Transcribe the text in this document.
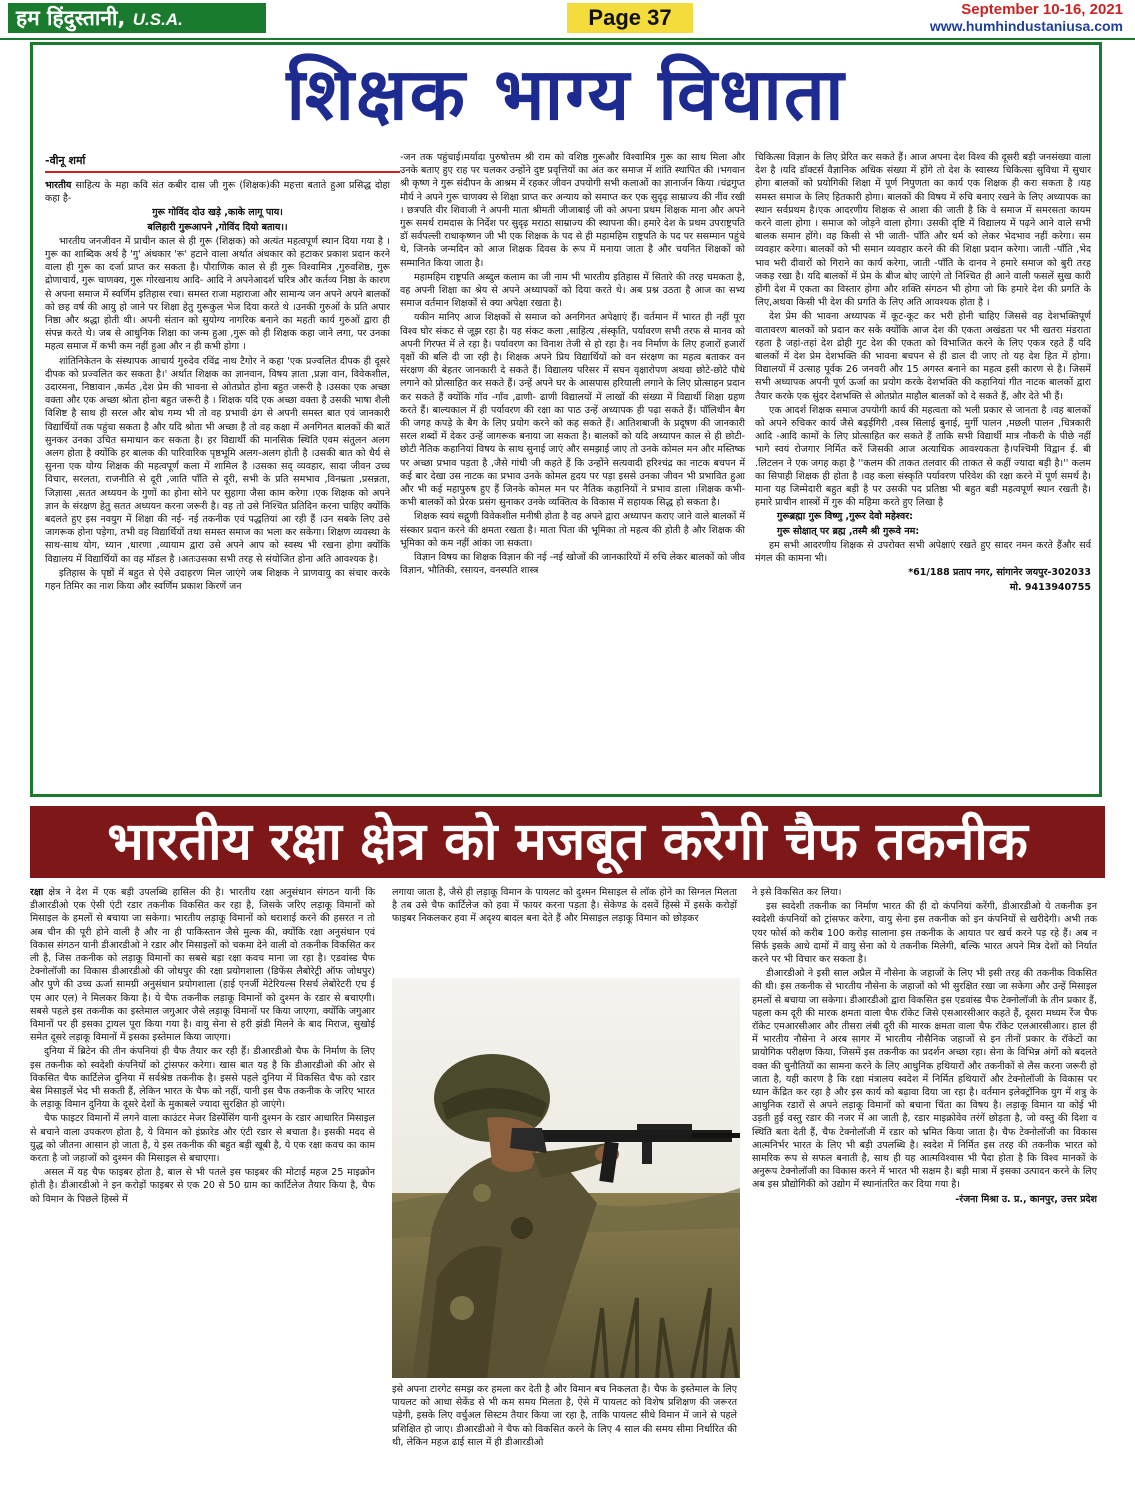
हम हिंदुस्तानी, U.S.A.	Page 37	September 10-16, 2021
www.humhindustaniusa.com
शिक्षक भाग्य विधाता
-वीनू शर्मा

भारतीय साहित्य के महा कवि संत कबीर दास जी गुरू (शिक्षक)की महत्ता बताते हुआ प्रसिद्ध दोहा कहा है-

गुरू गोविंद दोउ खड़े ,काके लागू पाय।

बलिहारी गुरूआपने ,गोविंद दियो बताय।।

भारतीय जनजीवन में प्राचीन काल से ही गुरू (शिक्षक) को अत्यंत महत्वपूर्ण स्थान दिया गया है ।गुरू का शाब्दिक अर्थ है 'गु' अंधकार 'रू' हटाने वाला अर्थात अंधकार को हटाकर प्रकाश प्रदान करने वाला ही गुरू का दर्जा प्राप्त कर सकता है। पौराणिक काल से ही गुरू विश्वामित्र ,गुरुवशिष्ठ, गुरू द्रोणाचार्य, गुरू चाणक्य, गुरू गोरखनाथ आदि- आदि ने अपनेआदर्श चरित्र और कर्तव्य निष्ठा के कारण से अपना समाज में स्वर्णिम इतिहास रचा। समस्त राजा महाराजा और सामान्य जन अपने अपने बालकों को छह वर्ष की आयु हो जाने पर शिक्षा हेतु गुरूकुल भेज दिया करते थे ।उनकी गुरुओं के प्रति अपार निष्ठा और श्रद्धा होती थी। अपनी संतान को सुयोग्य नागरिक बनाने का महती कार्य गुरुओं द्वारा ही संपन्न करते थे। जब से आधुनिक शिक्षा का जन्म हुआ ,गुरू को ही शिक्षक कहा जाने लगा, पर उनका महत्व समाज में कभी कम नहीं हुआ और न ही कभी होगा ।

शांतिनिकेतन के संस्थापक आचार्य गुरुदेव रविंद्र नाथ टैगोर ने कहा 'एक प्रज्वलित दीपक ही दूसरे दीपक को प्रज्वलित कर सकता है।' अर्थात शिक्षक का ज्ञानवान, विषय ज्ञाता ,प्रज्ञा वान, विवेकशील, उदारमना, निष्ठावान ,कर्मठ ,देश प्रेम की भावना से ओतप्रोत होना बहुत जरूरी है ।उसका एक अच्छा वक्ता और एक अच्छा श्रोता होना बहुत जरूरी है । शिक्षक यदि एक अच्छा वक्ता है उसकी भाषा शैली विशिष्ट है साथ ही सरल और बोध गम्य भी तो वह प्रभावी ढंग से अपनी समस्त बात एवं जानकारी विद्यार्थियों तक पहुंचा सकता है और यदि श्रोता भी अच्छा है तो वह कक्षा में अनगिनत बालकों की बातें सुनकर उनका उचित समाधान कर सकता है। हर विद्यार्थी की मानसिक स्थिति एवम संतुलन अलग अलग होता है क्योंकि हर बालक की पारिवारिक पृष्ठभूमि अलग-अलग होती है ।उसकी बात को धैर्य से सुनना एक योग्य शिक्षक की महत्वपूर्ण कला में शामिल है ।उसका सद् व्यवहार, सादा जीवन उच्च विचार, सरलता, राजनीति से दूरी ,जाति पाँति से दूरी, सभी के प्रति समभाव ,विनम्रता ,प्रसन्नता, जिज्ञासा ,सतत अध्ययन के गुणों का होना सोने पर सुहागा जैसा काम करेगा ।एक शिक्षक को अपने ज्ञान के संरक्षण हेतु सतत अध्ययन करना जरूरी है। वह तो उसे निश्चित प्रतिदिन करना चाहिए क्योंकि बदलते हुए इस नवयुग में शिक्षा की नई- नई तकनीक एवं पद्धतियां आ रही हैं ।उन सबके लिए उसे जागरूक होना पड़ेगा, तभी वह विद्यार्थियों तथा समस्त समाज का भला कर सकेगा। शिक्षण व्यवस्था के साथ-साथ योग, ध्यान ,धारणा ,व्यायाम द्वारा उसे अपने आप को स्वस्थ भी रखना होगा क्योंकि विद्यालय में विद्यार्थियों का वह मॉडल है ।अतःउसका सभी तरह से संयोजित होना अति आवश्यक है।

इतिहास के पृष्ठों में बहुत से ऐसे उदाहरण मिल जाएंगे जब शिक्षक ने प्राणवायु का संचार करके गहन तिमिर का नाश किया और स्वर्णिम प्रकाश किरणें जन

-जन तक पहुंचाई।मर्यादा पुरुषोत्तम श्री राम को वशिष्ठ गुरूऔर विश्वामित्र गुरू का साथ मिला और उनके बताए हुए राह पर चलकर उन्होंने दुष्ट प्रवृत्तियों का अंत कर समाज में शांति स्थापित की ।भगवान श्री कृष्ण ने गुरू संदीपन के आश्रम में रहकर जीवन उपयोगी सभी कलाओं का ज्ञानार्जन किया ।चंद्रगुप्त मौर्य ने अपने गुरू चाणक्य से शिक्षा प्राप्त कर अन्याय को समाप्त कर एक सुदृढ़ साम्राज्य की नींव रखी । छत्रपति वीर शिवाजी ने अपनी माता श्रीमती जीजाबाई जी को अपना प्रथम शिक्षक माना और अपने गुरू समर्थ रामदास के निर्देश पर सुदृढ़ मराठा साम्राज्य की स्थापना की। हमारे देश के प्रथम उपराष्ट्रपति डॉ सर्वपल्ली राधाकृष्णन जी भी एक शिक्षक के पद से ही महामहिम राष्ट्रपति के पद पर ससम्मान पहुंचे थे, जिनके जन्मदिन को आज शिक्षक दिवस के रूप में मनाया जाता है और चयनित शिक्षकों को सम्मानित किया जाता है।

महामहिम राष्ट्रपति अब्दुल कलाम का जी नाम भी भारतीय इतिहास में सितारे की तरह चमकता है, वह अपनी शिक्षा का श्रेय से अपने अध्यापकों को दिया करते थे। अब प्रश्न उठता है आज का सभ्य समाज वर्तमान शिक्षकों से क्या अपेक्षा रखता है।

यकीन मानिए आज शिक्षकों से समाज को अनगिनत अपेक्षाएं हैं। वर्तमान में भारत ही नहीं पूरा विश्व घोर संकट से जूझ रहा है। यह संकट कला ,साहित्य ,संस्कृति, पर्यावरण सभी तरफ से मानव को अपनी गिरफ्त में ले रहा है। पर्यावरण का विनाश तेजी से हो रहा है। नव निर्माण के लिए हजारों हजारों वृक्षों की बलि दी जा रही है। शिक्षक अपने प्रिय विद्यार्थियों को वन संरक्षण का महत्व बताकर वन संरक्षण की बेहतर जानकारी दे सकते हैं। विद्यालय परिसर में सघन वृक्षारोपण अथवा छोटे-छोटे पौधे लगाने को प्रोत्साहित कर सकते हैं। उन्हें अपने घर के आसपास हरियाली लगाने के लिए प्रोत्साहन प्रदान कर सकते हैं क्योंकि गाँव -गाँव ,ढाणी- ढाणी विद्यालयों में लाखों की संख्या में विद्यार्थी शिक्षा ग्रहण करते हैं। बाल्यकाल में ही पर्यावरण की रक्षा का पाठ उन्हें अध्यापक ही पढ़ा सकते हैं। पॉलिथीन बैग की जगह कपड़े के बैग के लिए प्रयोग करने को कह सकते हैं। आतिशबाजी के प्रदूषण की जानकारी सरल शब्दों में देकर उन्हें जागरूक बनाया जा सकता है। बालकों को यदि अध्यापन काल से ही छोटी-छोटी नैतिक कहानियां विषय के साथ सुनाई जाएं और समझाई जाए तो उनके कोमल मन और मस्तिष्क पर अच्छा प्रभाव पड़ता है ,जैसे गांधी जी कहते हैं कि उन्होंने सत्यवादी हरिश्चंद्र का नाटक बचपन में कई बार देखा उस नाटक का प्रभाव उनके कोमल हृदय पर पड़ा इससे उनका जीवन भी प्रभावित हुआ और भी कई महापुरुष हुए हैं जिनके कोमल मन पर नैतिक कहानियों ने प्रभाव डाला ।शिक्षक कभी-कभी बालकों को प्रेरक प्रसंग सुनाकर उनके व्यक्तित्व के विकास में सहायक सिद्ध हो सकता है।

शिक्षक स्वयं सद्गुणी विवेकशील मनीषी होता है वह अपने द्वारा अध्यापन कराए जाने वाले बालकों में संस्कार प्रदान करने की क्षमता रखता है। माता पिता की भूमिका तो महत्व की होती है और शिक्षक की भूमिका को कम नहीं आंका जा सकता।

विज्ञान विषय का शिक्षक विज्ञान की नई -नई खोजों की जानकारियों में रुचि लेकर बालकों को जीव विज्ञान, भौतिकी, रसायन, वनस्पति शास्त्र

चिकित्सा विज्ञान के लिए प्रेरित कर सकते हैं। आज अपना देश विश्व की दूसरी बड़ी जनसंख्या वाला देश है ।यदि डॉक्टर्स वैज्ञानिक अधिक संख्या में होंगे तो देश के स्वास्थ्य चिकित्सा सुविधा में सुधार होगा बालकों को प्रयोगिकी शिक्षा में पूर्ण निपुणता का कार्य एक शिक्षक ही करा सकता है ।यह समस्त समाज के लिए हितकारी होगा। बालकों की विषय में रुचि बनाए रखने के लिए अध्यापक का स्थान सर्वप्रथम है।एक आदरणीय शिक्षक से आशा की जाती है कि वे समाज में समरसता कायम करने वाला होगा । समाज को जोड़ने वाला होगा। उसकी दृष्टि में विद्यालय में पढ़ने आने वाले सभी बालक समान होंगे। वह किसी से भी जाती- पाँति और धर्म को लेकर भेदभाव नहीं करेगा। सम व्यवहार करेगा। बालकों को भी समान व्यवहार करने की की शिक्षा प्रदान करेगा। जाती -पाँति ,भेद भाव भरी दीवारों को गिराने का कार्य करेगा, जाती -पाँति के दानव ने हमारे समाज को बुरी तरह जकड़ रखा है। यदि बालकों में प्रेम के बीज बोए जाएंगे तो निश्चित ही आने वाली फसलें सुख कारी होंगी देश में एकता का विस्तार होगा और शक्ति संगठन भी होगा जो कि हमारे देश की प्रगति के लिए,अथवा किसी भी देश की प्रगति के लिए अति आवश्यक होता है ।

देश प्रेम की भावना अध्यापक में कूट-कूट कर भरी होनी चाहिए जिससे वह देशभक्तिपूर्ण वातावरण बालकों को प्रदान कर सके क्योंकि आज देश की एकता अखंडता पर भी खतरा मंडराता रहता है जहां-तहां देश द्रोही गुट देश की एकता को विभाजित करने के लिए एकत्र रहते हैं यदि बालकों में देश प्रेम देशभक्ति की भावना बचपन से ही डाल दी जाए तो यह देश हित में होगा। विद्यालयों में उत्साह पूर्वक 26 जनवरी और 15 अगस्त बनाने का महत्व इसी कारण से है। जिसमें सभी अध्यापक अपनी पूर्ण ऊर्जा का प्रयोग करके देशभक्ति की कहानियां गीत नाटक बालकों द्वारा तैयार करके एक सुंदर देशभक्ति से ओतप्रोत माहौल बालकों को दे सकते हैं, और देते भी हैं।

एक आदर्श शिक्षक समाज उपयोगी कार्य की महत्वता को भली प्रकार से जानता है ।वह बालकों को अपने रुचिकर कार्य जैसे बढ़ईगिरी ,वस्त्र सिलाई बुनाई, मुर्गी पालन ,मछली पालन ,चित्रकारी आदि -आदि कामों के लिए प्रोत्साहित कर सकते हैं ताकि सभी विद्यार्थी मात्र नौकरी के पीछे नहीं भागे स्वयं रोजगार निर्मित करें जिसकी आज अत्याधिक आवश्यकता है।पश्चिमी विद्वान ई. बी .लिटलन ने एक जगह कहा है ''कलम की ताकत तलवार की ताकत से कहीं ज्यादा बड़ी है।'' कलम का सिपाही शिक्षक ही होता है ।वह कला संस्कृति पर्यावरण परिवेश की रक्षा करने में पूर्ण समर्थ है। माना यह जिम्मेदारी बहुत बड़ी है पर उसकी पद प्रतिष्ठा भी बहुत बडी महत्वपूर्ण स्थान रखती है। हमारे प्राचीन शास्त्रों में गुरु की महिमा करते हुए लिखा है

गुरूब्रह्मा गुरू विष्णु ,गुरूर देवो महेश्वर:

गुरू सोक्षात् पर ब्रह्म ,तस्मै श्री गुरूवे नम:

हम सभी आदरणीय शिक्षक से उपरोक्त सभी अपेक्षाएं रखते हुए सादर नमन करते हैंऔर सर्व मंगल की कामना भी।

*61/188 प्रताप नगर, सांगानेर जयपुर-302033

मो. 9413940755

भारतीय रक्षा क्षेत्र को मजबूत करेगी चैफ तकनीक

रक्षा क्षेत्र ने देश में एक बड़ी उपलब्धि हासिल की है। भारतीय रक्षा अनुसंधान संगठन यानी कि डीआरडीओ एक ऐसी एंटी रडार तकनीक विकसित कर रहा है, जिसके जरिए लड़ाकू विमानों को मिसाइल के हमलों से बचाया जा सकेगा। भारतीय लड़ाकू विमानों को धराशाई करने की हसरत न तो अब चीन की पूरी होने वाली है और ना ही पाकिस्तान जैसे मुल्क की, क्योंकि रक्षा अनुसंधान एवं विकास संगठन यानी डीआरडीओ ने रडार और मिसाइलों को चकमा देने वाली वो तकनीक विकसित कर ली है, जिस तकनीक को लड़ाकू विमानों का सबसे बड़ा रक्षा कवच माना जा रहा है। एडवांस्ड चैफ टेक्नोलॉजी का विकास डीआरडीओ की जोधपुर की रक्षा प्रयोगशाला (डिफेंस लैबोरेट्री ऑफ जोधपुर) और पुणे की उच्च ऊर्जा सामग्री अनुसंधान प्रयोगशाला (हाई एनर्जी मेटेरियल्स रिसर्च लेबोरेटरी एच ई एम आर एल) ने मिलकर किया है। ये चैफ तकनीक लड़ाकू विमानों को दुश्मन के रडार से बचाएगी। सबसे पहले इस तकनीक का इस्तेमाल जगुआर जैसे लड़ाकू विमानों पर किया जाएगा, क्योंकि जगुआर विमानों पर ही इसका ट्रायल पूरा किया गया है। वायु सेना से हरी झंडी मिलने के बाद मिराज, सुखोई समेत दूसरे लड़ाकू विमानों में इसका इस्तेमाल किया जाएगा।

दुनिया में ब्रिटेन की तीन कंपनियां ही चैफ तैयार कर रही हैं। डीआरडीओ चैफ के निर्माण के लिए इस तकनीक को स्वदेशी कंपनियों को ट्रांसफर करेगा। खास बात यह है कि डीआरडीओ की ओर से विकसित चैफ कार्टिलेज दुनिया में सर्वश्रेष्ठ तकनीक है। इससे पहले दुनिया में विकसित चैफ को रडार बेस मिसाइलें भेद भी सकती हैं, लेकिन भारत के चैफ को नहीं, यानी इस चैफ तकनीक के जरिए भारत के लड़ाकू विमान दुनिया के दूसरे देशों के मुकाबले ज्यादा सुरक्षित हो जाएंगे।

चैफ फाइटर विमानों में लगने वाला काउंटर मेजर डिस्पेंसिंग यानी दुश्मन के रडार आधारित मिसाइल से बचाने वाला उपकरण होता है, ये विमान को इंफ्रारेड और एंटी रडार से बचाता है। इसकी मदद से युद्ध को जीतना आसान हो जाता है, ये इस तकनीक की बहुत बड़ी खूबी है, ये एक रक्षा कवच का काम करता है जो जहाजों को दुश्मन की मिसाइल से बचाएगा।

असल में यह चैफ फाइबर होता है, बाल से भी पतले इस फाइबर की मोटाई महज 25 माइक्रोन होती है। डीआरडीओ ने इन करोड़ों फाइबर से एक 20 से 50 ग्राम का कार्टिलेज तैयार किया है, चैफ को विमान के पिछले हिस्से में

लगाया जाता है, जैसे ही लड़ाकू विमान के पायलट को दुश्मन मिसाइल से लॉक होने का सिग्नल मिलता है तब उसे चैफ कार्टिलेज को हवा में फायर करना पड़ता है। सेकेण्ड के दसवें हिस्से में इसके करोड़ों फाइबर निकलकर हवा में अदृश्य बादल बना देते हैं और मिसाइल लड़ाकू विमान को छोड़कर

इसे अपना टारगेट समझ कर हमला कर देती है और विमान बच निकलता है। चैफ के इस्तेमाल के लिए पायलट को आधा सेकेंड से भी कम समय मिलता है, ऐसे में पायलट को विशेष प्रशिक्षण की जरूरत पड़ेगी, इसके लिए वर्चुअल सिस्टम तैयार किया जा रहा है, ताकि पायलट सीधे विमान में जाने से पहले प्रशिक्षित हो जाए। डीआरडीओ ने चैफ को विकसित करने के लिए 4 साल की समय सीमा निर्धारित की थी, लेकिन महज ढाई साल में ही डीआरडीओ

ने इसे विकसित कर लिया।

इस स्वदेशी तकनीक का निर्माण भारत की ही दो कंपनियां करेंगी, डीआरडीओ ये तकनीक इन स्वदेशी कंपनियों को ट्रांसफर करेगा, वायु सेना इस तकनीक को इन कंपनियों से खरीदेगी। अभी तक एयर फोर्स को करीब 100 करोड़ सालाना इस तकनीक के आयात पर खर्च करने पड़ रहे हैं। अब न सिर्फ इसके आधे दामों में वायु सेना को ये तकनीक मिलेगी, बल्कि भारत अपने मित्र देशों को निर्यात करने पर भी विचार कर सकता है।

डीआरडीओ ने इसी साल अप्रैल में नौसेना के जहाजों के लिए भी इसी तरह की तकनीक विकसित की थी। इस तकनीक से भारतीय नौसेना के जहाजों को भी सुरक्षित रखा जा सकेगा और उन्हें मिसाइल हमलों से बचाया जा सकेगा। डीआरडीओ द्वारा विकसित इस एडवांस्ड चैफ टेक्नोलॉजी के तीन प्रकार हैं, पहला कम दूरी की मारक क्षमता वाला चैफ रॉकेट जिसे एसआरसीआर कहते हैं, दूसरा मध्यम रेंज चैफ रॉकेट एमआरसीआर और तीसरा लंबी दूरी की मारक क्षमता वाला चैफ रॉकेट एलआरसीआर। हाल ही में भारतीय नौसेना ने अरब सागर में भारतीय नौसैनिक जहाजों से इन तीनों प्रकार के रॉकेटों का प्रायोगिक परीक्षण किया, जिसमें इस तकनीक का प्रदर्शन अच्छा रहा। सेना के विभिन्न अंगों को बदलते वक्त की चुनौतियों का सामना करने के लिए आधुनिक हथियारों और तकनीकों से लैस करना जरूरी हो जाता है, यही कारण है कि रक्षा मंत्रालय स्वदेश में निर्मित हथियारों और टेक्नोलॉजी के विकास पर ध्यान केंद्रित कर रहा है और इस कार्य को बढ़ावा दिया जा रहा है। वर्तमान इलेक्ट्रॉनिक युग में शत्रु के आधुनिक रडारों से अपने लड़ाकू विमानों को बचाना चिंता का विषय है। लड़ाकू विमान या कोई भी उड़ती हुई वस्तु रडार की नजर में आ जाती है, रडार माइक्रोवेव तरंगें छोड़ता है, जो वस्तु की दिशा व स्थिति बता देती हैं, चैफ टेक्नोलॉजी में रडार को भ्रमित किया जाता है। चैफ टेक्नोलॉजी का विकास आत्मनिर्भर भारत के लिए भी बड़ी उपलब्धि है। स्वदेश में निर्मित इस तरह की तकनीक भारत को सामरिक रूप से सफल बनाती है, साथ ही यह आत्मविश्वास भी पैदा होता है कि विश्व मानकों के अनुरूप टेक्नोलॉजी का विकास करने में भारत भी सक्षम है। बड़ी मात्रा में इसका उत्पादन करने के लिए अब इस प्रौद्योगिकी को उद्योग में स्थानांतरित कर दिया गया है।

-रंजना मिश्रा उ. प्र., कानपुर, उत्तर प्रदेश
